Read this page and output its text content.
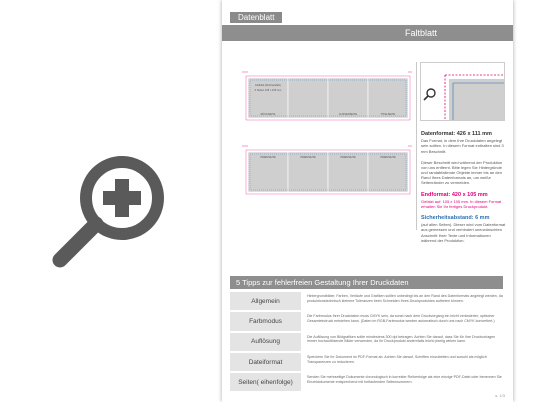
Datenblatt
Faltblatt
Faltblatt (Zickzackfalz)
6 Seiten 105 x 105 mm
RÜCKSEITE	AUSSENSEITE	TITELSEITE
INNENSEITE	INNENSEITE	INNENSEITE	INNENSEITE
Datenformat: 426 x 111 mm
Das Format, in dem Ihre Druckdaten angelegt sein sollten. In diesem Format enthalten sind 3 mm Beschnitt.
Dieser Beschnitt wird während der Produktion von uns entfernt. Bitte legen Sie Hintergründe und randabfallende Objekte immer bis an den Rand Ihres Datenformats an, um weiße Seitenränder zu vermeiden.
Endformat: 420 x 105 mm
Gefalzt auf: 105 x 105 mm. In diesem Format erhalten Sie Ihr fertiges Druckprodukt.
Sicherheitsabstand: 6 mm
(auf allen Seiten). Dieser wird vom Datenformat aus gemessen und verhindert unerwünschten Anschnitt Ihrer Texte und Informationen während der Produktion.
5 Tipps zur fehlerfreien Gestaltung Ihrer Druckdaten
Allgemein
Hintergrundbilder, Farben, Verläufe und Grafiken sollten unbedingt bis an den Rand des Datenformats angelegt werden, da produktionstechnisch kleinere Toleranzen beim Schneiden Ihres Druckproduktes auftreten können.
Farbmodus
Die Farbmodus Ihrer Druckdaten muss CMYK sein, da sonst nach dem Druckvorgang ein leicht veränderter, optischer Gesamteindruck entstehen kann. (Daten im RGB-Farbmodus werden automatisch durch uns nach CMYK konvertiert.)
Auflösung
Die Auflösung von Bildgrafiken sollte mindestens 300 dpi betragen. Achten Sie darauf, dass Sie für Ihre Druckvorlagen immer hochauflösende Bilder verwenden, da Ihr Druckprodukt andernfalls leicht pixelig wirken kann.
Dateiformat
Speichern Sie Ihr Dokument im PDF-Format ab. Achten Sie darauf, Schriften einzubetten und sowohl als möglich Transparenzen zu reduzieren.
Seiten( eihenfolge)
Senden Sie mehrseitige Dokumente chronologisch in korrekter Reihenfolge als eine einzige PDF-Datei oder benennen Sie Einzeldokumente entsprechend mit fortlaufenden Seitennummern.
s. 1/3
